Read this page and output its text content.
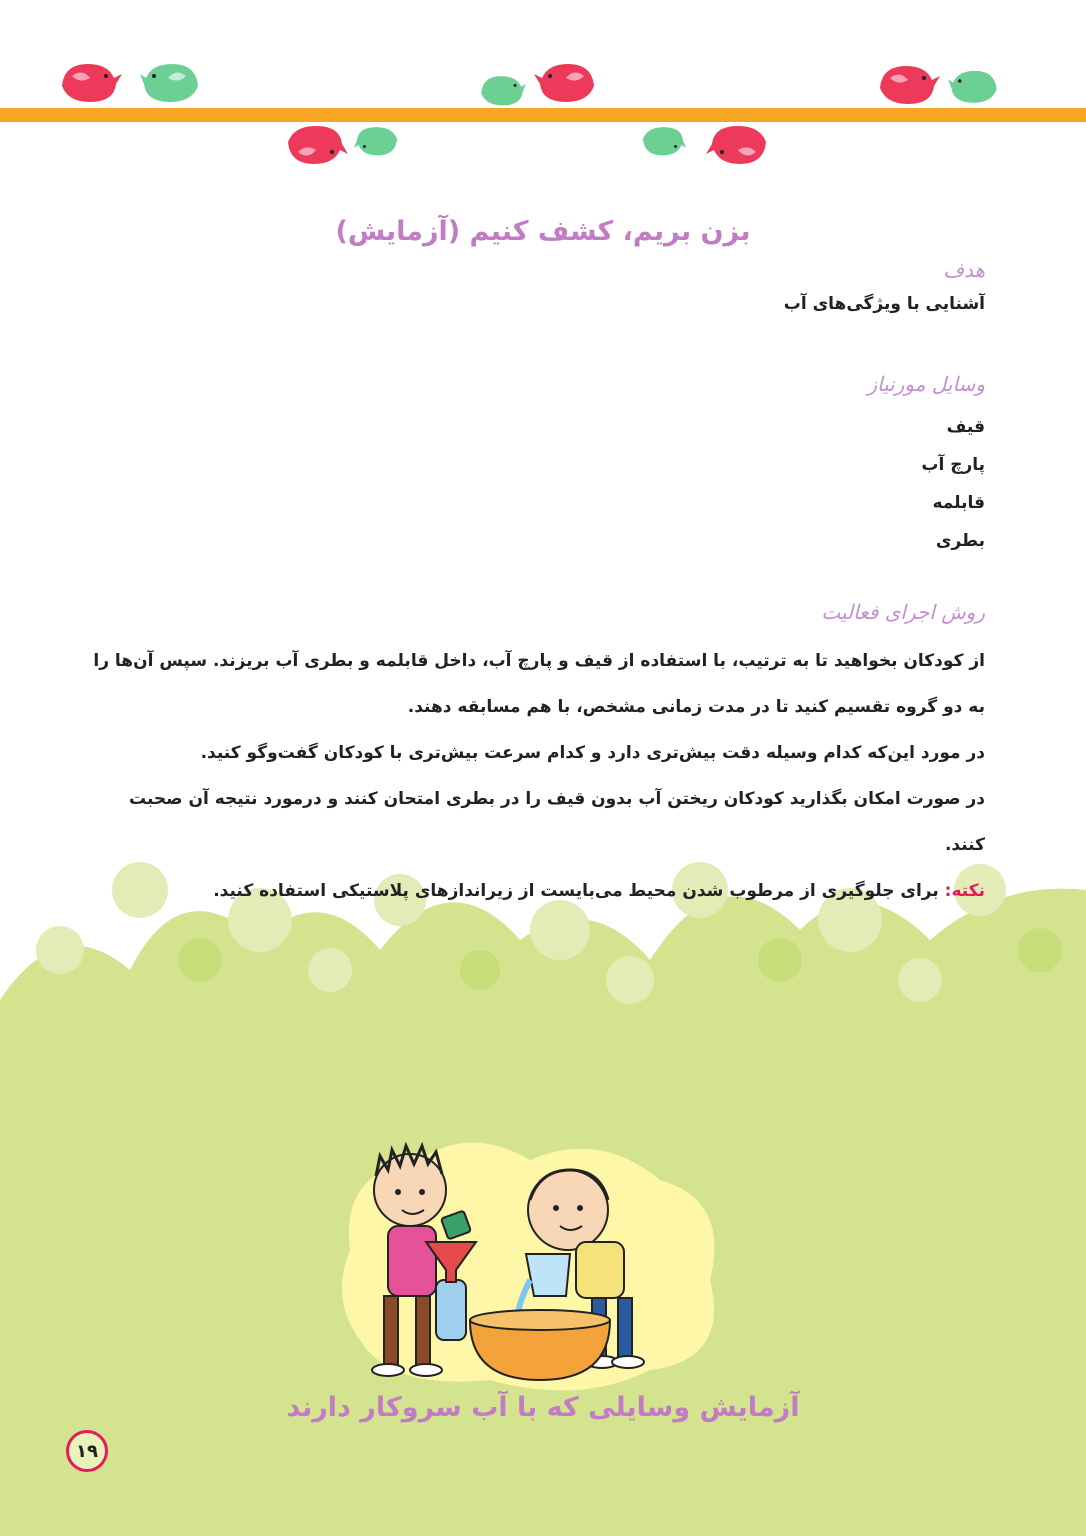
بزن بریم، کشف کنیم (آزمایش)
هدف
آشنایی با ویژگی‌های آب
وسایل مورنیاز
قیف
پارچ آب
قابلمه
بطری
روش اجرای فعالیت
از کودکان بخواهید تا به ترتیب، با استفاده از قیف و پارچ آب، داخل قابلمه و بطری آب بریزند. سپس آن‌ها را به دو گروه تقسیم کنید تا در مدت زمانی مشخص، با هم مسابقه دهند.
در مورد این‌که کدام وسیله دقت بیش‌تری دارد و کدام سرعت بیش‌تری با کودکان گفت‌وگو کنید.
در صورت امکان بگذارید کودکان ریختن آب بدون قیف را در بطری امتحان کنند و درمورد نتیجه آن صحبت کنند.
نکته: برای جلوگیری از مرطوب شدن محیط می‌بایست از زیراندازهای پلاستیکی استفاده کنید.
آزمایش وسایلی که با آب سروکار دارند
۱۹
